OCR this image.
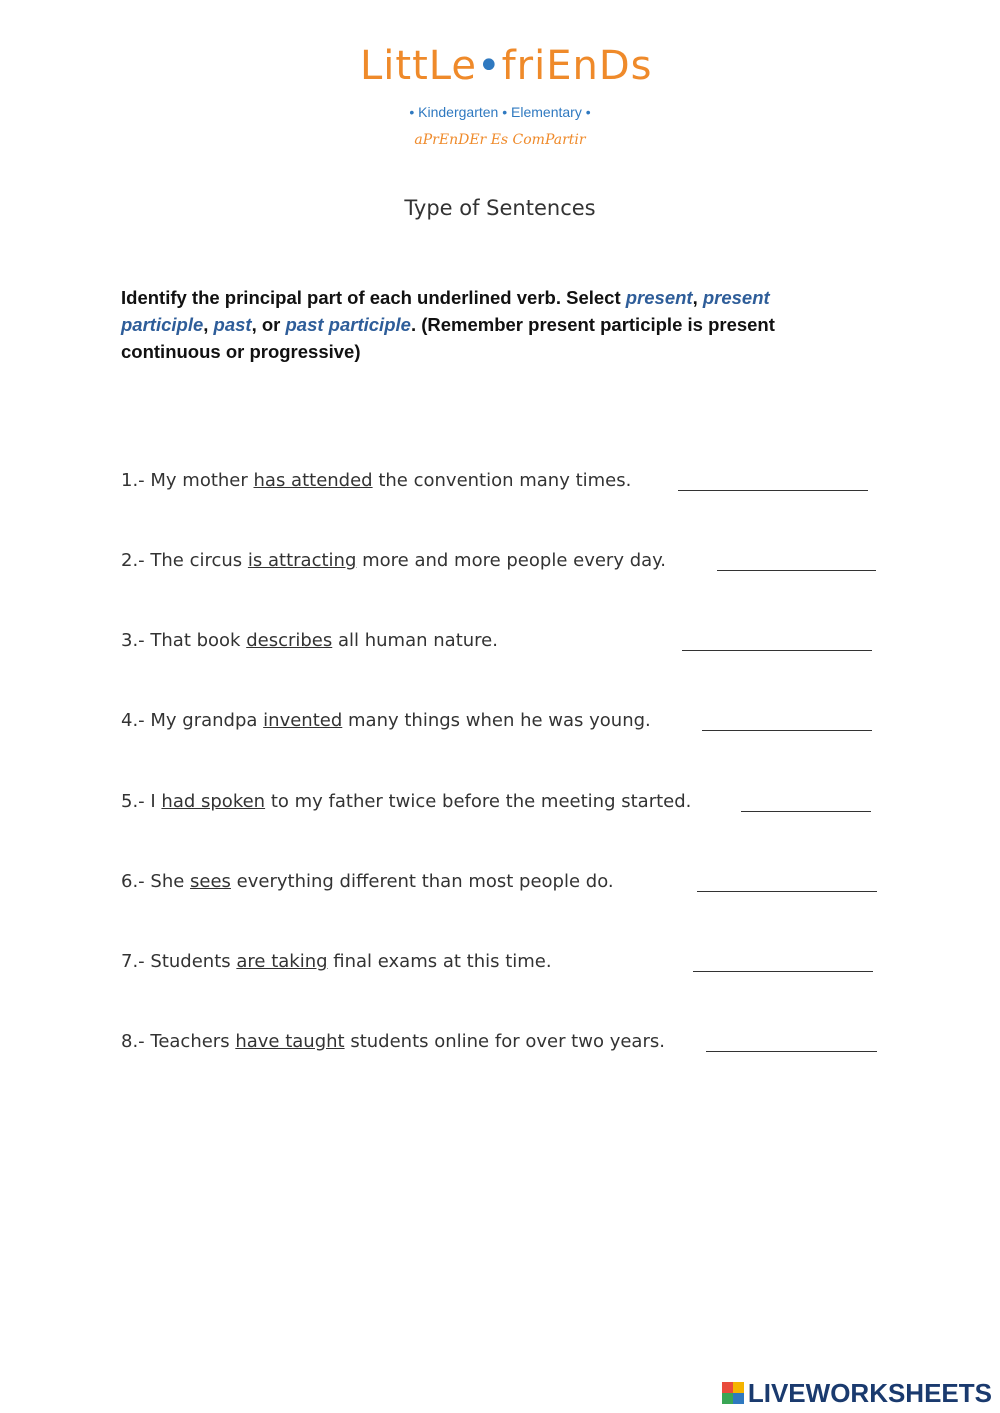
LittLe•friEnDs
• Kindergarten • Elementary •
aPrEnDEr Es ComPartir
Type of Sentences
Identify the principal part of each underlined verb. Select present, present participle, past, or past participle. (Remember present participle is present continuous or progressive)
1.- My mother has attended the convention many times.
2.- The circus is attracting more and more people every day.
3.- That book describes all human nature.
4.- My grandpa invented many things when he was young.
5.- I had spoken to my father twice before the meeting started.
6.- She sees everything different than most people do.
7.- Students are taking final exams at this time.
8.- Teachers have taught students online for over two years.
LIVEWORKSHEETS
